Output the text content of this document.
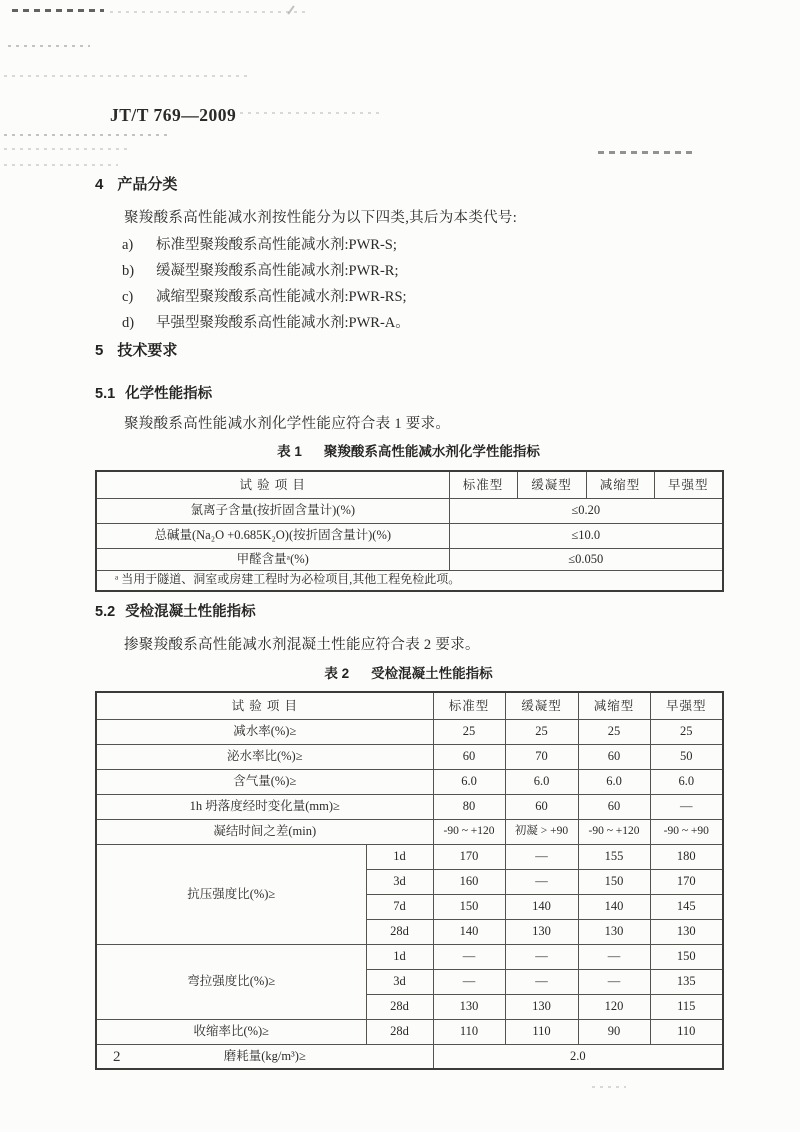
JT/T 769—2009
4 产品分类
聚羧酸系高性能减水剂按性能分为以下四类,其后为本类代号:
a) 标准型聚羧酸系高性能减水剂:PWR-S;
b) 缓凝型聚羧酸系高性能减水剂:PWR-R;
c) 减缩型聚羧酸系高性能减水剂:PWR-RS;
d) 早强型聚羧酸系高性能减水剂:PWR-A。
5 技术要求
5.1 化学性能指标
聚羧酸系高性能减水剂化学性能应符合表 1 要求。
表 1 聚羧酸系高性能减水剂化学性能指标
试 验 项 目	标准型	缓凝型	减缩型	早强型
氯离子含量(按折固含量计)(%)	≤0.20			
总碱量(Na₂O +0.685K₂O)(按折固含量计)(%)	≤10.0			
甲醛含量ᵃ(%)	≤0.050			
ᵃ 当用于隧道、洞室或房建工程时为必检项目,其他工程免检此项。				
5.2 受检混凝土性能指标
掺聚羧酸系高性能减水剂混凝土性能应符合表 2 要求。
表 2 受检混凝土性能指标
试 验 项 目		标准型	缓凝型	减缩型	早强型
减水率(%)≥		25	25	25	25
泌水率比(%)≥		60	70	60	50
含气量(%)≥		6.0	6.0	6.0	6.0
1h 坍落度经时变化量(mm)≥		80	60	60	—
凝结时间之差(min)		-90 ~ +120	初凝 > +90	-90 ~ +120	-90 ~ +90
抗压强度比(%)≥	1d	170	—	155	180
	3d	160	—	150	170
	7d	150	140	140	145
	28d	140	130	130	130
弯拉强度比(%)≥	1d	—	—	—	150
	3d	—	—	—	135
	28d	130	130	120	115
收缩率比(%)≥	28d	110	110	90	110
磨耗量(kg/m³)≥		2.0			
2
